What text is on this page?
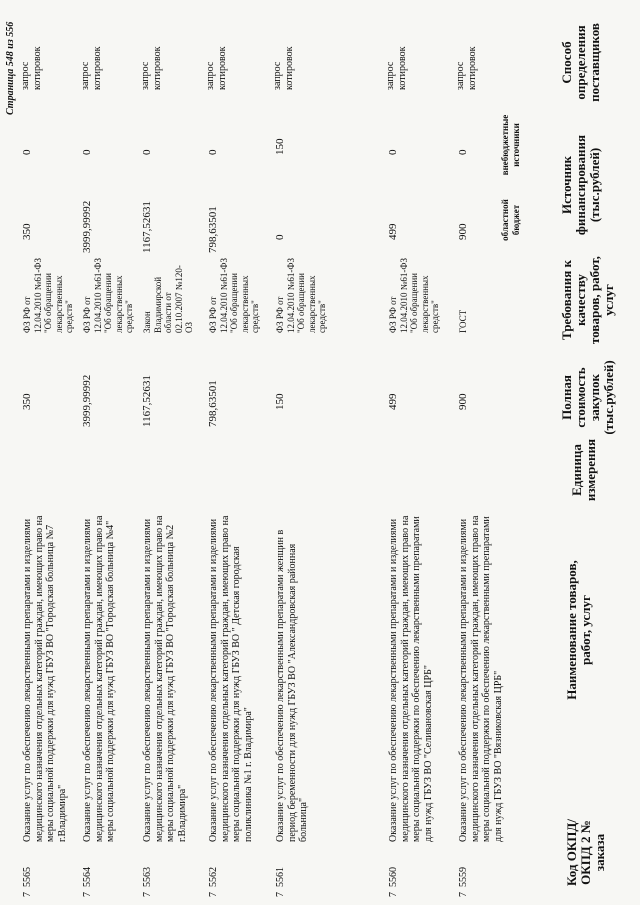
Код ОКПД/ ОКПД 2 № заказа
Наименование товаров, работ, услуг
Единица измерения
Полная стоимость закупок (тыс.рублей)
Требования к качеству товаров, работ, услуг
Источник финансирования (тыс.рублей)
областной бюджет
внебюджетные источники
Способ определения поставщиков
7  5559
Оказание услуг по обеспечению лекарственными препаратами и изделиями медицинского назначения отдельных категорий граждан, имеющих право на меры социальной поддержки по обеспечению лекарственными препаратами для нужд ГБУЗ ВО "Вязниковская ЦРБ"
900
ГОСТ
900
0
запрос котировок
7  5560
Оказание услуг по обеспечению лекарственными препаратами и изделиями медицинского назначения отдельных категорий граждан, имеющих право на меры социальной поддержки по обеспечению лекарственными препаратами для нужд ГБУЗ ВО "Селивановская ЦРБ"
499
ФЗ РФ от 12.04.2010 №61-ФЗ "Об обращении лекарственных средств"
499
0
запрос котировок
7  5561
Оказание услуг по обеспечению лекарственными препаратами женщин в период беременности для нужд ГБУЗ ВО "Александровская районная больница"
150
ФЗ РФ от 12.04.2010 №61-ФЗ "Об обращении лекарственных средств"
0
150
запрос котировок
7  5562
Оказание услуг по обеспечению лекарственными препаратами и изделиями медицинского назначения отдельных категорий граждан, имеющих право на меры социальной поддержки для нужд ГБУЗ ВО " Детская городская поликлиника №1 г. Владимира"
798,63501
ФЗ РФ от 12.04.2010 №61-ФЗ "Об обращении лекарственных средств"
798,63501
0
запрос котировок
7  5563
Оказание услуг по обеспечению лекарственными препаратами и изделиями медицинского назначения отдельных категорий граждан, имеющих право на меры социальной поддержки для нужд ГБУЗ ВО "Городская больница №2 г.Владимира"
1167,52631
Закон Владимирской области от 02.10.2007 №120-ОЗ
1167,52631
0
запрос котировок
7  5564
Оказание услуг по обеспечению лекарственными препаратами и изделиями медицинского назначения отдельных категорий граждан, имеющих право на меры социальной поддержки для нужд ГБУЗ ВО "Городская больница №4"
3999,99992
ФЗ РФ от 12.04.2010 №61-ФЗ "Об обращении лекарственных средств"
3999,99992
0
запрос котировок
7  5565
Оказание услуг по обеспечению лекарственными препаратами и изделиями медицинского назначения отдельных категорий граждан, имеющих право на меры социальной поддержки для нужд ГБУЗ ВО "Городская больница №7 г.Владимира"
350
ФЗ РФ от 12.04.2010 №61-ФЗ "Об обращении лекарственных средств"
350
0
запрос котировок
Страница 548 из 556
